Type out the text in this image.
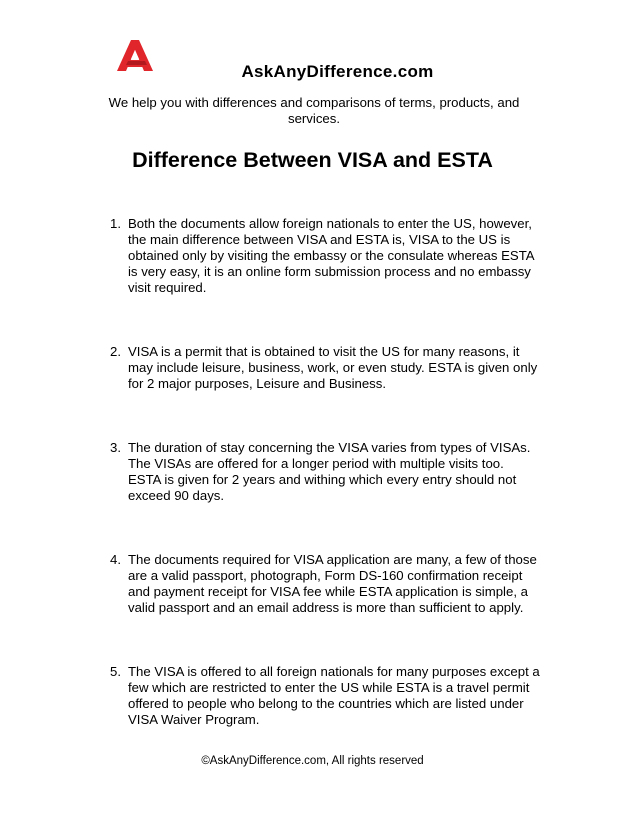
AskAnyDifference.com

We help you with differences and comparisons of terms, products, and services.

Difference Between VISA and ESTA
1. Both the documents allow foreign nationals to enter the US, however, the main difference between VISA and ESTA is, VISA to the US is obtained only by visiting the embassy or the consulate whereas ESTA is very easy, it is an online form submission process and no embassy visit required.
2. VISA is a permit that is obtained to visit the US for many reasons, it may include leisure, business, work, or even study. ESTA is given only for 2 major purposes, Leisure and Business.
3. The duration of stay concerning the VISA varies from types of VISAs. The VISAs are offered for a longer period with multiple visits too. ESTA is given for 2 years and withing which every entry should not exceed 90 days.
4. The documents required for VISA application are many, a few of those are a valid passport, photograph, Form DS-160 confirmation receipt and payment receipt for VISA fee while ESTA application is simple, a valid passport and an email address is more than sufficient to apply.
5. The VISA is offered to all foreign nationals for many purposes except a few which are restricted to enter the US while ESTA is a travel permit offered to people who belong to the countries which are listed under VISA Waiver Program.

©AskAnyDifference.com, All rights reserved
